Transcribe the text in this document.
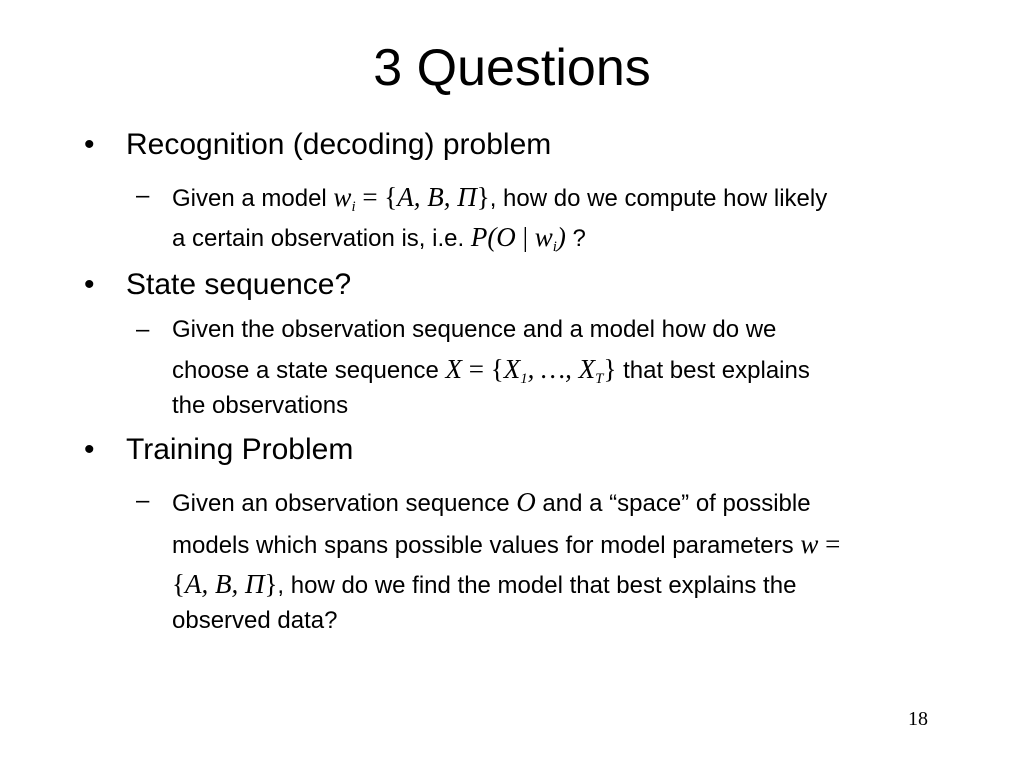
3 Questions
•	Recognition (decoding) problem
– Given a model $w_i = \{A$, B, Π}, how do we compute how likely
a certain observation is, i.e. P(O | $w_i$) ?
•	State sequence?
– Given the observation sequence and a model how do we
choose a state sequence $X = \{X_1$, …, $X_T$} that best explains
the observations
•	Training Problem
– Given an observation sequence O and a “space” of possible
models which spans possible values for model parameters w =
{A, B, Π}, how do we find the model that best explains the
observed data?
18
